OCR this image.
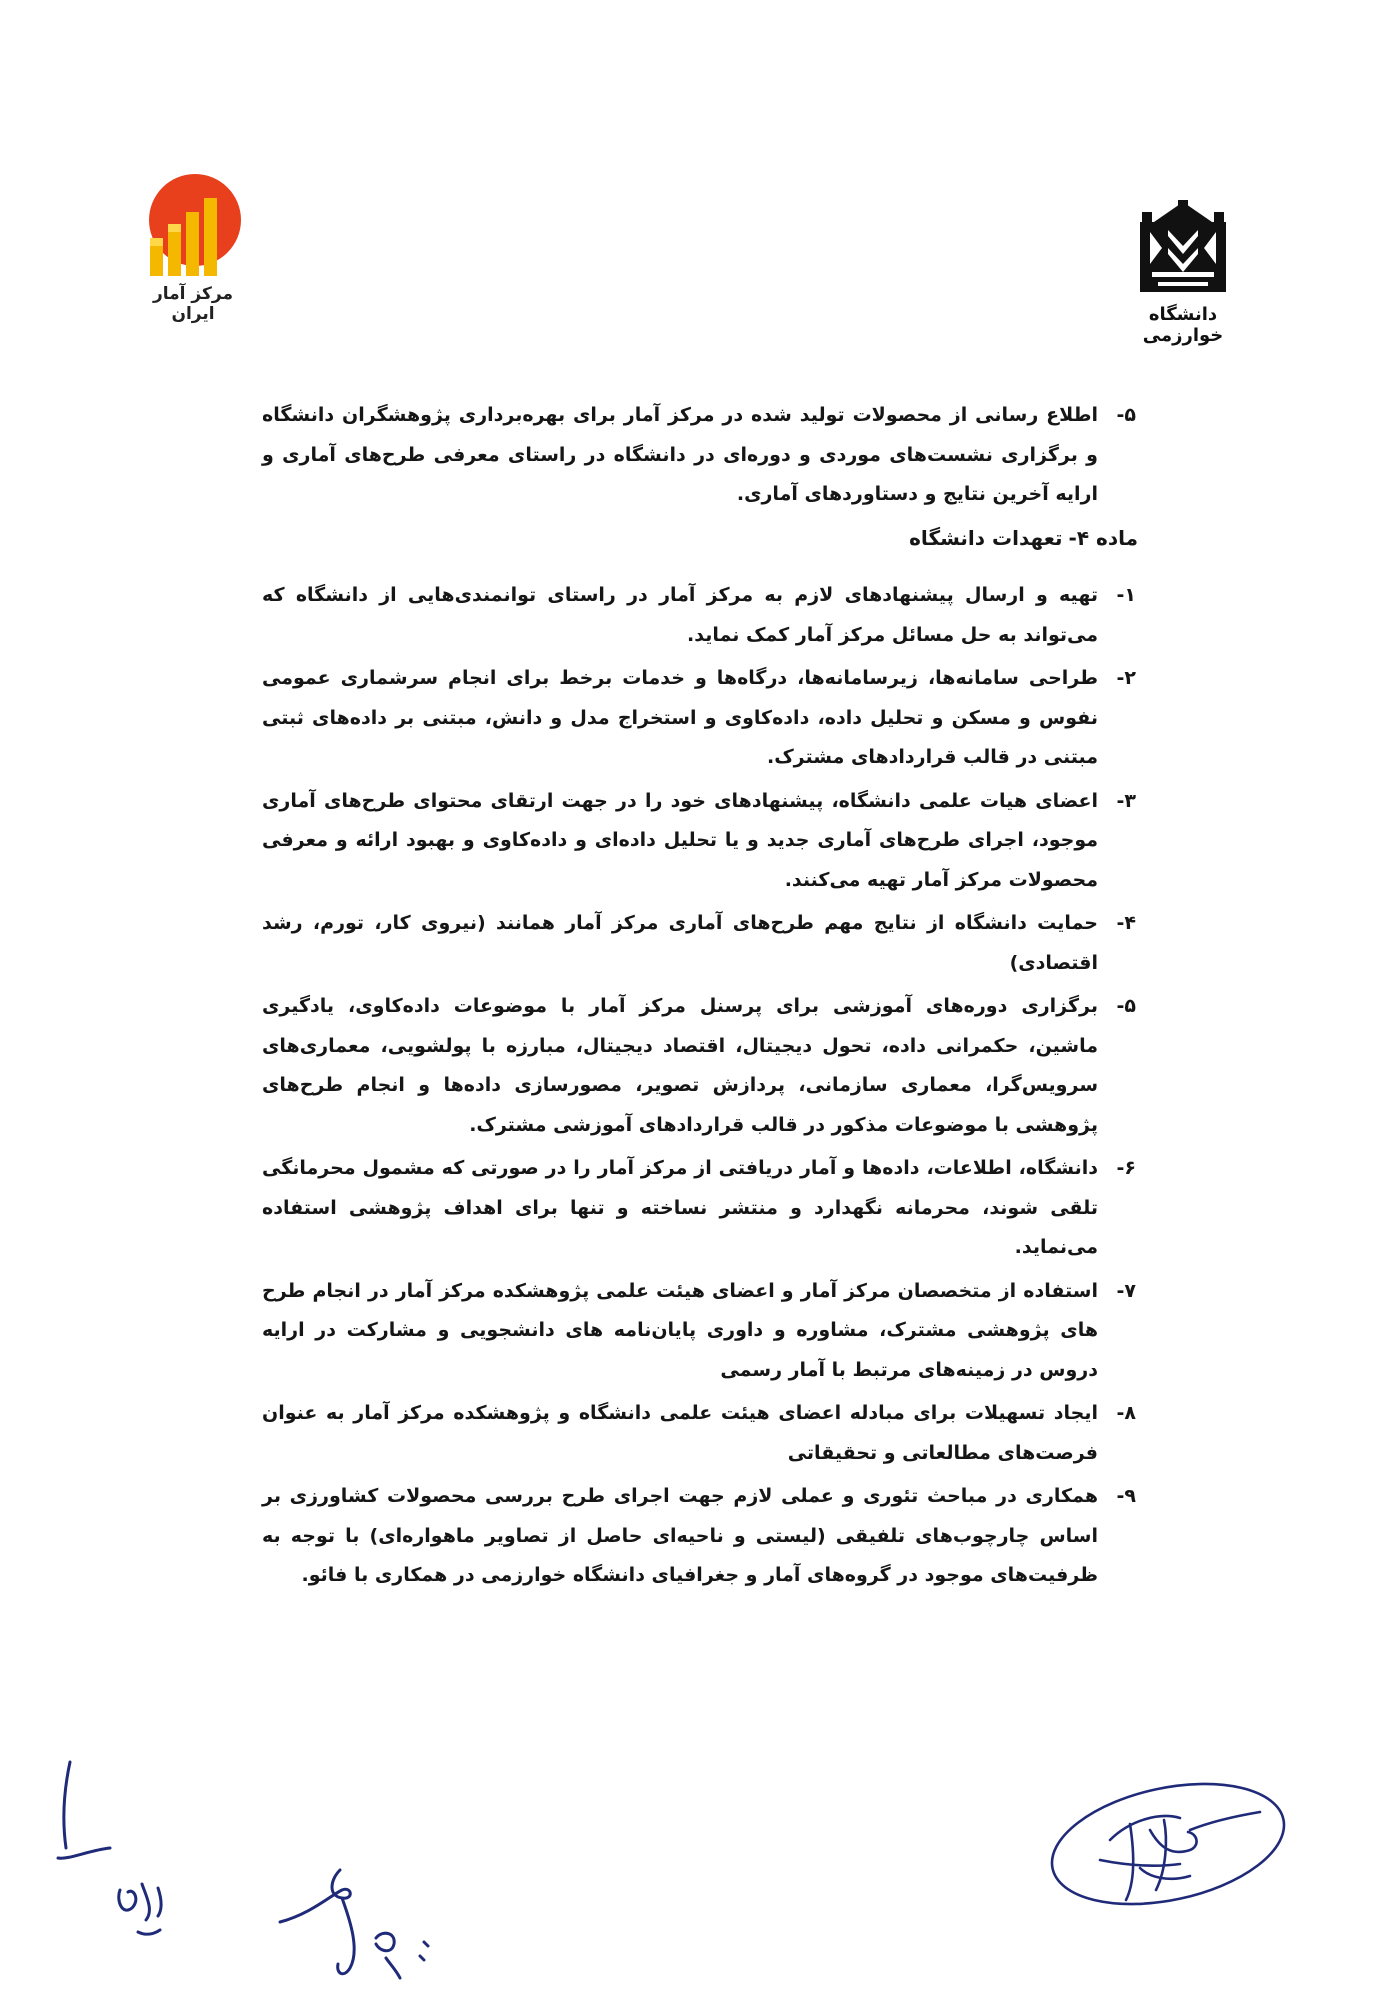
مرکز آمار ایران	دانشگاه خوارزمی
۵-
اطلاع رسانی از محصولات تولید شده در مرکز آمار برای بهره‌برداری پژوهشگران دانشگاه و برگزاری نشست‌های موردی و دوره‌ای در دانشگاه در راستای معرفی طرح‌های آماری و ارایه آخرین نتایج و دستاوردهای آماری.
ماده ۴-تعهدات دانشگاه
۱-
تهیه و ارسال پیشنهادهای لازم به مرکز آمار در راستای توانمندی‌هایی از دانشگاه که می‌تواند به حل مسائل مرکز آمار کمک نماید.
۲-
طراحی سامانه‌ها، زیرسامانه‌ها، درگاه‌ها و خدمات برخط برای انجام سرشماری عمومی نفوس و مسکن و تحلیل داده، داده‌کاوی و استخراج مدل و دانش، مبتنی بر داده‌های ثبتی مبتنی در قالب قراردادهای مشترک.
۳-
اعضای هیات علمی دانشگاه، پیشنهادهای خود را در جهت ارتقای محتوای طرح‌های آماری موجود، اجرای طرح‌های آماری جدید و یا تحلیل داده‌ای و داده‌کاوی و بهبود ارائه و معرفی محصولات مرکز آمار تهیه می‌کنند.
۴-
حمایت دانشگاه از نتایج مهم طرح‌های آماری مرکز آمار همانند (نیروی کار، تورم، رشد اقتصادی)
۵-
برگزاری دوره‌های آموزشی برای پرسنل مرکز آمار با موضوعات داده‌کاوی، یادگیری ماشین، حکمرانی داده، تحول دیجیتال، اقتصاد دیجیتال، مبارزه با پولشویی، معماری‌های سرویس‌گرا، معماری سازمانی، پردازش تصویر، مصورسازی داده‌ها و انجام طرح‌های پژوهشی با موضوعات مذکور در قالب قراردادهای آموزشی مشترک.
۶-
دانشگاه، اطلاعات، داده‌ها و آمار دریافتی از مرکز آمار را در صورتی که مشمول محرمانگی تلقی شوند، محرمانه نگهدارد و منتشر نساخته و تنها برای اهداف پژوهشی استفاده می‌نماید.
۷-
استفاده از متخصصان مرکز آمار و اعضای هیئت علمی پژوهشکده مرکز آمار در انجام طرح های پژوهشی مشترک، مشاوره و داوری پایان‌نامه های دانشجویی و مشارکت در ارایه دروس در زمینه‌های مرتبط با آمار رسمی
۸-
ایجاد تسهیلات برای مبادله اعضای هیئت علمی دانشگاه و پژوهشکده مرکز آمار به عنوان فرصت‌های مطالعاتی و تحقیقاتی
۹-
همکاری در مباحث تئوری و عملی لازم جهت اجرای طرح بررسی محصولات کشاورزی بر اساس چارچوب‌های تلفیقی (لیستی و ناحیه‌ای حاصل از تصاویر ماهواره‌ای) با توجه به ظرفیت‌های موجود در گروه‌های آمار و جغرافیای دانشگاه خوارزمی در همکاری با فائو.
